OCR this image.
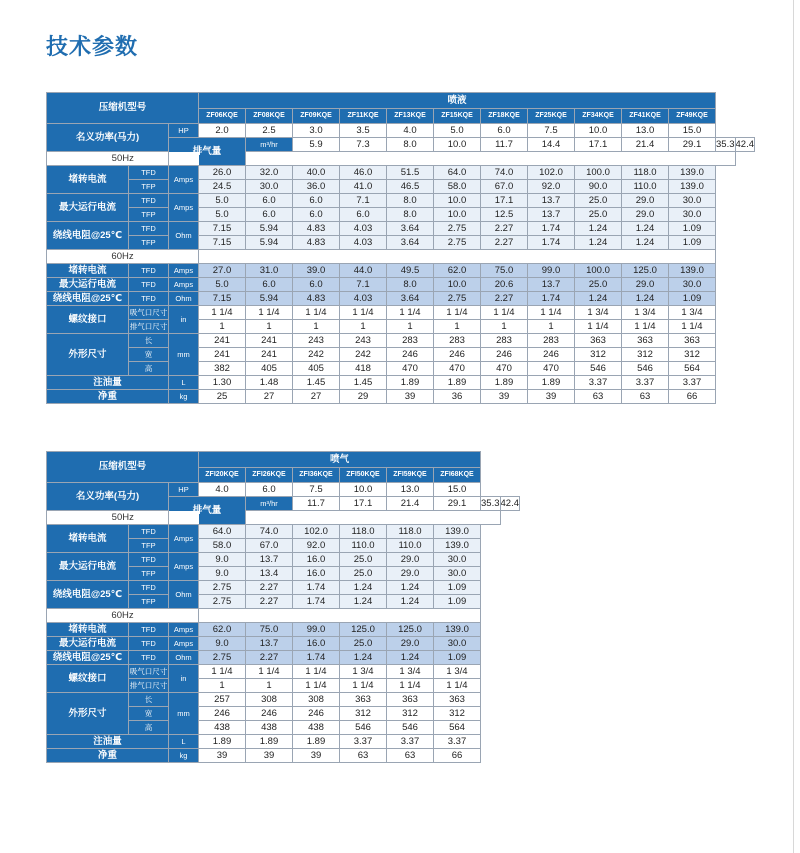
技术参数
压缩机型号			喷液												
			ZF06KQE	ZF08KQE	ZF09KQE	ZF11KQE	ZF13KQE	ZF15KQE	ZF18KQE	ZF25KQE	ZF34KQE	ZF41KQE	ZF49KQE		
名义功率(马力)		HP	2.0	2.5	3.0	3.5	4.0	5.0	6.0	7.5	10.0	13.0	15.0		
		排气量		m³/hr	5.9	7.3	8.0	10.0	11.7	14.4	17.1	21.4	29.1	35.3	42.4
50Hz															
堵转电流	TFD	Amps	26.0	32.0	40.0	46.0	51.5	64.0	74.0	102.0	100.0	118.0	139.0		
	TFP		24.5	30.0	36.0	41.0	46.5	58.0	67.0	92.0	90.0	110.0	139.0		
最大运行电流	TFD	Amps	5.0	6.0	6.0	7.1	8.0	10.0	17.1	13.7	25.0	29.0	30.0		
	TFP		5.0	6.0	6.0	6.0	8.0	10.0	12.5	13.7	25.0	29.0	30.0		
绕线电阻@25℃	TFD	Ohm	7.15	5.94	4.83	4.03	3.64	2.75	2.27	1.74	1.24	1.24	1.09		
	TFP		7.15	5.94	4.83	4.03	3.64	2.75	2.27	1.74	1.24	1.24	1.09		
60Hz															
堵转电流	TFD	Amps	27.0	31.0	39.0	44.0	49.5	62.0	75.0	99.0	100.0	125.0	139.0		
最大运行电流	TFD	Amps	5.0	6.0	6.0	7.1	8.0	10.0	20.6	13.7	25.0	29.0	30.0		
绕线电阻@25℃	TFD	Ohm	7.15	5.94	4.83	4.03	3.64	2.75	2.27	1.74	1.24	1.24	1.09		
螺纹接口	吸气口尺寸	in	1 1/4	1 1/4	1 1/4	1 1/4	1 1/4	1 1/4	1 1/4	1 1/4	1 3/4	1 3/4	1 3/4		
	排气口尺寸		1	1	1	1	1	1	1	1	1 1/4	1 1/4	1 1/4		
外形尺寸	长	mm	241	241	243	243	283	283	283	283	363	363	363		
	宽		241	241	242	242	246	246	246	246	312	312	312		
	高		382	405	405	418	470	470	470	470	546	546	564		
注油量		L	1.30	1.48	1.45	1.45	1.89	1.89	1.89	1.89	3.37	3.37	3.37		
净重		kg	25	27	27	29	39	36	39	39	63	63	66		
压缩机型号			喷气							
			ZFI20KQE	ZFI26KQE	ZFI36KQE	ZFI50KQE	ZFI59KQE	ZFI68KQE		
名义功率(马力)		HP	4.0	6.0	7.5	10.0	13.0	15.0		
		排气量		m³/hr	11.7	17.1	21.4	29.1	35.3	42.4
50Hz										
堵转电流	TFD	Amps	64.0	74.0	102.0	118.0	118.0	139.0		
	TFP		58.0	67.0	92.0	110.0	110.0	139.0		
最大运行电流	TFD	Amps	9.0	13.7	16.0	25.0	29.0	30.0		
	TFP		9.0	13.4	16.0	25.0	29.0	30.0		
绕线电阻@25℃	TFD	Ohm	2.75	2.27	1.74	1.24	1.24	1.09		
	TFP		2.75	2.27	1.74	1.24	1.24	1.09		
60Hz										
堵转电流	TFD	Amps	62.0	75.0	99.0	125.0	125.0	139.0		
最大运行电流	TFD	Amps	9.0	13.7	16.0	25.0	29.0	30.0		
绕线电阻@25℃	TFD	Ohm	2.75	2.27	1.74	1.24	1.24	1.09		
螺纹接口	吸气口尺寸	in	1 1/4	1 1/4	1 1/4	1 3/4	1 3/4	1 3/4		
	排气口尺寸		1	1	1 1/4	1 1/4	1 1/4	1 1/4		
外形尺寸	长	mm	257	308	308	363	363	363		
	宽		246	246	246	312	312	312		
	高		438	438	438	546	546	564		
注油量		L	1.89	1.89	1.89	3.37	3.37	3.37		
净重		kg	39	39	39	63	63	66		
